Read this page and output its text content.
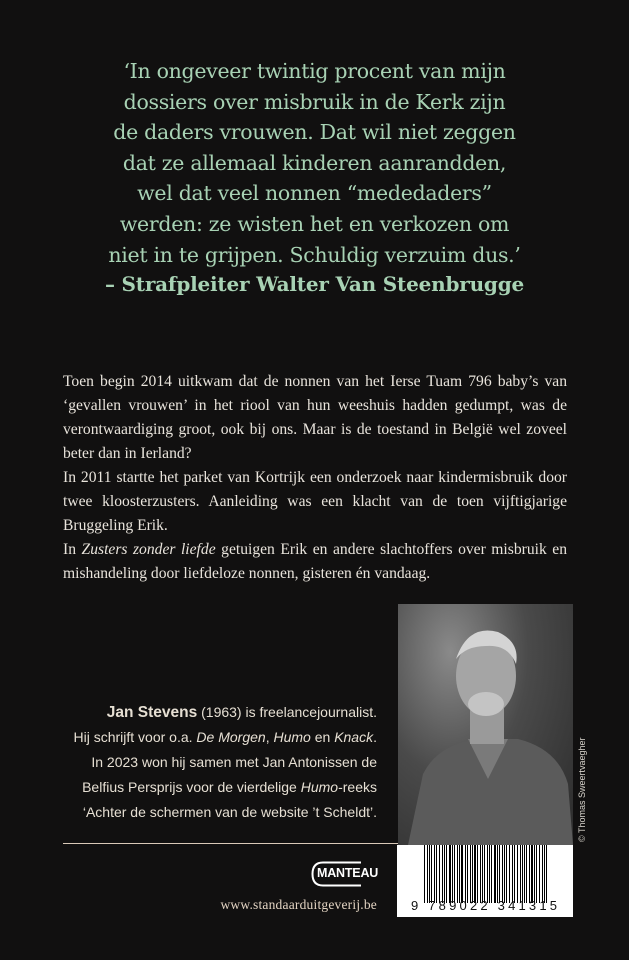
‘In ongeveer twintig procent van mijn
dossiers over misbruik in de Kerk zijn
de daders vrouwen. Dat wil niet zeggen
dat ze allemaal kinderen aanrandden,
wel dat veel nonnen “mededaders”
werden: ze wisten het en verkozen om
niet in te grijpen. Schuldig verzuim dus.’
– Strafpleiter Walter Van Steenbrugge

Toen begin 2014 uitkwam dat de nonnen van het Ierse Tuam 796 baby’s van ‘gevallen vrouwen’ in het riool van hun weeshuis hadden gedumpt, was de verontwaardiging groot, ook bij ons. Maar is de toestand in België wel zoveel beter dan in Ierland?

In 2011 startte het parket van Kortrijk een onderzoek naar kindermisbruik door twee kloosterzusters. Aanleiding was een klacht van de toen vijftigjarige Bruggeling Erik.

In Zusters zonder liefde getuigen Erik en andere slachtoffers over misbruik en mishandeling door liefdeloze nonnen, gisteren én vandaag.

© Thomas Sweertvaegher
Jan Stevens (1963) is freelancejournalist.
Hij schrijft voor o.a. De Morgen, Humo en Knack.
In 2023 won hij samen met Jan Antonissen de
Belfius Persprijs voor de vierdelige Humo-reeks
‘Achter de schermen van de website ’t Scheldt’.
MANTEAU
www.standaarduitgeverij.be	9 789022 341315
